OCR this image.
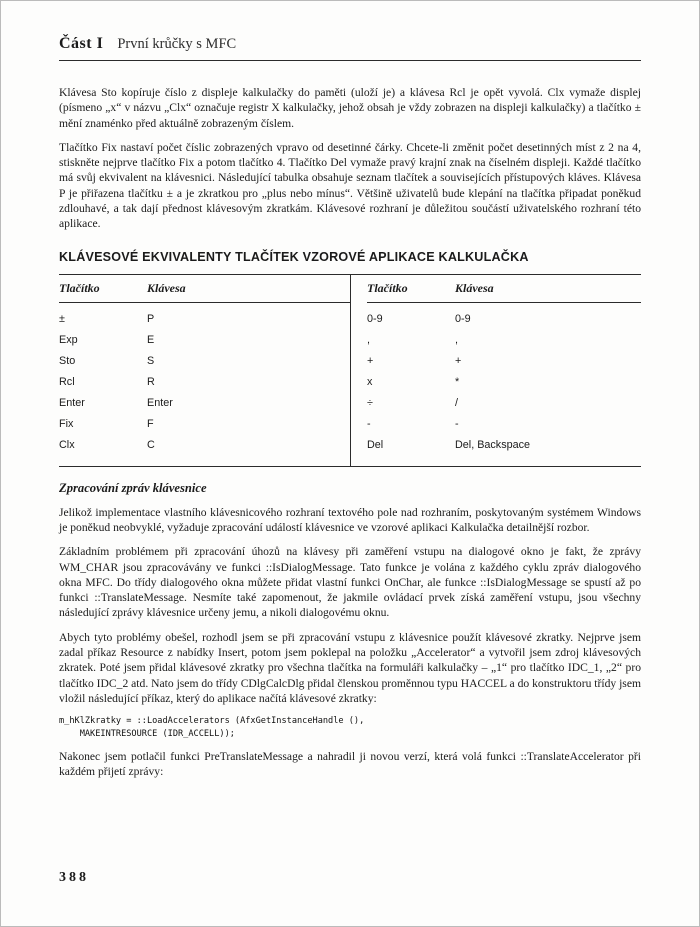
Část I První krůčky s MFC

Klávesa Sto kopíruje číslo z displeje kalkulačky do paměti (uloží je) a klávesa Rcl je opět vyvolá. Clx vymaže displej (písmeno „x“ v názvu „Clx“ označuje registr X kalkulačky, jehož obsah je vždy zobrazen na displeji kalkulačky) a tlačítko ± mění znaménko před aktuálně zobrazeným číslem.

Tlačítko Fix nastaví počet číslic zobrazených vpravo od desetinné čárky. Chcete-li změnit počet desetinných míst z 2 na 4, stiskněte nejprve tlačítko Fix a potom tlačítko 4. Tlačítko Del vymaže pravý krajní znak na číselném displeji. Každé tlačítko má svůj ekvivalent na klávesnici. Následující tabulka obsahuje seznam tlačítek a souvisejících přístupových kláves. Klávesa P je přiřazena tlačítku ± a je zkratkou pro „plus nebo mínus“. Většině uživatelů bude klepání na tlačítka připadat poněkud zdlouhavé, a tak dají přednost klávesovým zkratkám. Klávesové rozhraní je důležitou součástí uživatelského rozhraní této aplikace.

KLÁVESOVÉ EKVIVALENTY TLAČÍTEK VZOROVÉ APLIKACE KALKULAČKA
Tlačítko	Klávesa
±	P
Exp	E
Sto	S
Rcl	R
Enter	Enter
Fix	F
Clx	C
Tlačítko	Klávesa
0-9	0-9
,	,
+	+
x	*
÷	/
-	-
Del	Del, Backspace
Zpracování zpráv klávesnice

Jelikož implementace vlastního klávesnicového rozhraní textového pole nad rozhraním, poskytovaným systémem Windows je poněkud neobvyklé, vyžaduje zpracování událostí klávesnice ve vzorové aplikaci Kalkulačka detailnější rozbor.

Základním problémem při zpracování úhozů na klávesy při zaměření vstupu na dialogové okno je fakt, že zprávy WM_CHAR jsou zpracovávány ve funkci ::IsDialogMessage. Tato funkce je volána z každého cyklu zpráv dialogového okna MFC. Do třídy dialogového okna můžete přidat vlastní funkci OnChar, ale funkce ::IsDialogMessage se spustí až po funkci ::TranslateMessage. Nesmíte také zapomenout, že jakmile ovládací prvek získá zaměření vstupu, jsou všechny následující zprávy klávesnice určeny jemu, a nikoli dialogovému oknu.

Abych tyto problémy obešel, rozhodl jsem se při zpracování vstupu z klávesnice použít klávesové zkratky. Nejprve jsem zadal příkaz Resource z nabídky Insert, potom jsem poklepal na položku „Accelerator“ a vytvořil jsem zdroj klávesových zkratek. Poté jsem přidal klávesové zkratky pro všechna tlačítka na formuláři kalkulačky – „1“ pro tlačítko IDC_1, „2“ pro tlačítko IDC_2 atd. Nato jsem do třídy CDlgCalcDlg přidal členskou proměnnou typu HACCEL a do konstruktoru třídy jsem vložil následující příkaz, který do aplikace načítá klávesové zkratky:

m_hKlZkratky = ::LoadAccelerators (AfxGetInstanceHandle (),
MAKEINTRESOURCE (IDR_ACCELL));

Nakonec jsem potlačil funkci PreTranslateMessage a nahradil ji novou verzí, která volá funkci ::TranslateAccelerator při každém přijetí zprávy:

388
